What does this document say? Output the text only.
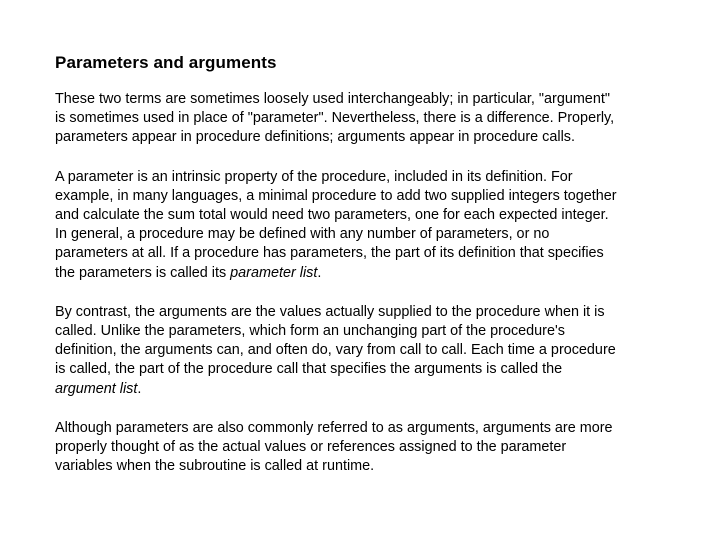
Parameters and arguments
These two terms are sometimes loosely used interchangeably; in particular, "argument"
is sometimes used in place of "parameter". Nevertheless, there is a difference. Properly,
parameters appear in procedure definitions; arguments appear in procedure calls.
A parameter is an intrinsic property of the procedure, included in its definition. For
example, in many languages, a minimal procedure to add two supplied integers together
and calculate the sum total would need two parameters, one for each expected integer.
In general, a procedure may be defined with any number of parameters, or no
parameters at all. If a procedure has parameters, the part of its definition that specifies
the parameters is called its parameter list.
By contrast, the arguments are the values actually supplied to the procedure when it is
called. Unlike the parameters, which form an unchanging part of the procedure's
definition, the arguments can, and often do, vary from call to call. Each time a procedure
is called, the part of the procedure call that specifies the arguments is called the
argument list.
Although parameters are also commonly referred to as arguments, arguments are more
properly thought of as the actual values or references assigned to the parameter
variables when the subroutine is called at runtime.
